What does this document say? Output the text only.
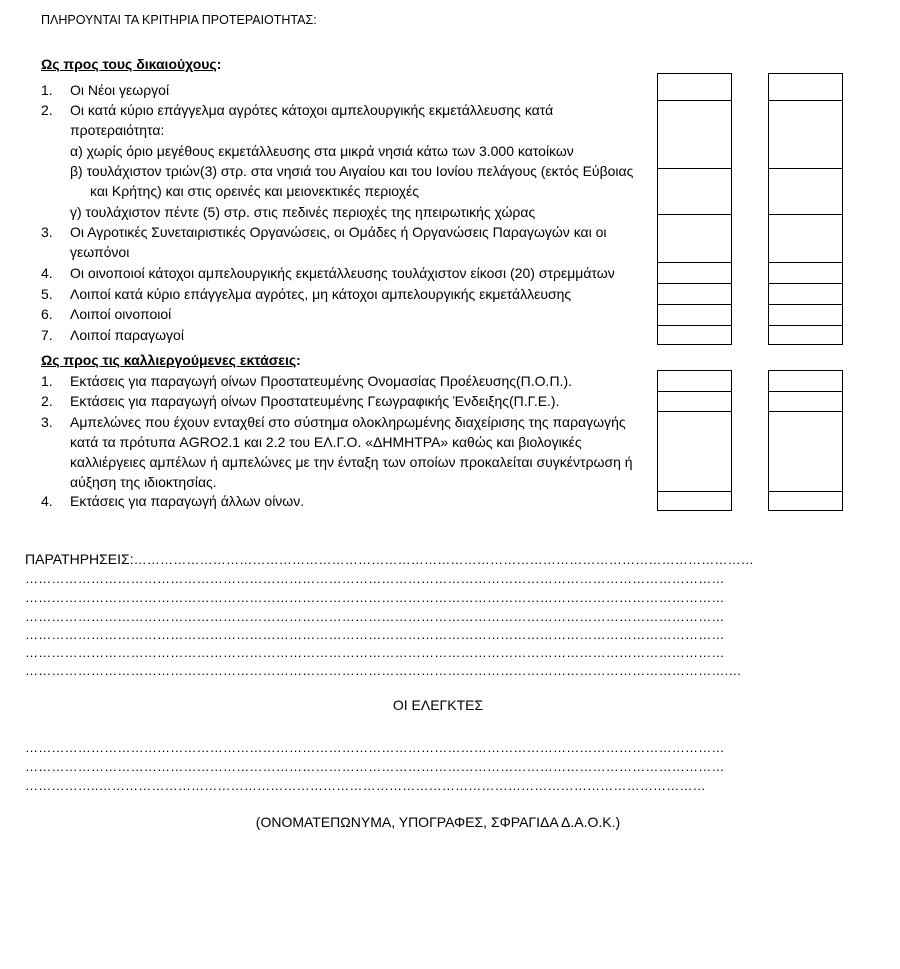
ΠΛΗΡΟΥΝΤΑΙ ΤΑ ΚΡΙΤΗΡΙΑ ΠΡΟΤΕΡΑΙΟΤΗΤΑΣ:
Ως προς τους δικαιούχους:
1. Οι Νέοι γεωργοί
2. Οι κατά κύριο επάγγελμα αγρότες κάτοχοι αμπελουργικής εκμετάλλευσης κατά
προτεραιότητα:
α) χωρίς όριο μεγέθους εκμετάλλευσης στα μικρά νησιά κάτω των 3.000 κατοίκων
β) τουλάχιστον τριών(3) στρ. στα νησιά του Αιγαίου και του Ιονίου πελάγους (εκτός Εύβοιας
και Κρήτης) και στις ορεινές και μειονεκτικές περιοχές
γ) τουλάχιστον πέντε (5) στρ. στις πεδινές περιοχές της ηπειρωτικής χώρας
3. Οι Αγροτικές Συνεταιριστικές Οργανώσεις, οι Ομάδες ή Οργανώσεις Παραγωγών και οι
γεωπόνοι
4. Οι οινοποιοί κάτοχοι αμπελουργικής εκμετάλλευσης τουλάχιστον είκοσι (20) στρεμμάτων
5. Λοιποί κατά κύριο επάγγελμα αγρότες, μη κάτοχοι αμπελουργικής εκμετάλλευσης
6. Λοιποί οινοποιοί
7. Λοιποί παραγωγοί
Ως προς τις καλλιεργούμενες εκτάσεις:
1. Εκτάσεις για παραγωγή οίνων Προστατευμένης Ονομασίας Προέλευσης(Π.Ο.Π.).
2. Εκτάσεις για παραγωγή οίνων Προστατευμένης Γεωγραφικής Ένδειξης(Π.Γ.Ε.).
3. Αμπελώνες που έχουν ενταχθεί στο σύστημα ολοκληρωμένης διαχείρισης της παραγωγής
κατά τα πρότυπα AGRO2.1 και 2.2 του ΕΛ.Γ.Ο. «ΔΗΜΗΤΡΑ» καθώς και βιολογικές
καλλιέργειες αμπέλων ή αμπελώνες με την ένταξη των οποίων προκαλείται συγκέντρωση ή
αύξηση της ιδιοκτησίας.
4. Εκτάσεις για παραγωγή άλλων οίνων.
ΠΑΡΑΤΗΡΗΣΕΙΣ:……………………………………………………………………………………………………………………………
……………………………………………………………………………………………………………………………………………
……………………………………………………………………………………………………………………………………………
……………………………………………………………………………………………………………………………………………
……………………………………………………………………………………………………………………………………………
……………………………………………………………………………………………………………………………………………
…………………………………………………………………………………………………………………………………………….…
ΟΙ ΕΛΕΓΚΤΕΣ
……………………………………………………………………………………………………………………………………………
……………………………………………………………………………………………………………………………………………
……………..…………………………………………………………………………………………………………………………
(ΟΝΟΜΑΤΕΠΩΝΥΜΑ, ΥΠΟΓΡΑΦΕΣ, ΣΦΡΑΓΙΔΑ Δ.Α.Ο.Κ.)
